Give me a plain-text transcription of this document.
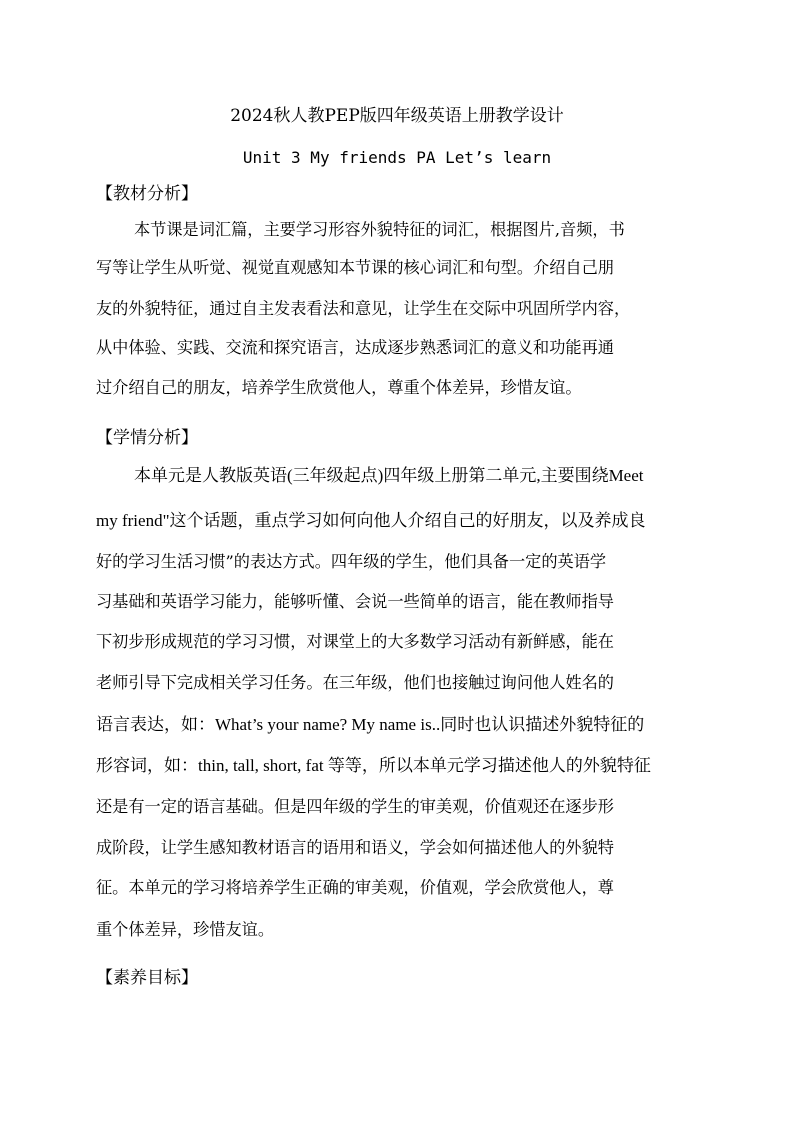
2024秋人教PEP版四年级英语上册教学设计
Unit 3 My friends PA Let’s learn
【教材分析】
本节课是词汇篇，主要学习形容外貌特征的词汇，根据图片,音频，书
写等让学生从听觉、视觉直观感知本节课的核心词汇和句型。介绍自己朋
友的外貌特征，通过自主发表看法和意见，让学生在交际中巩固所学内容，
从中体验、实践、交流和探究语言，达成逐步熟悉词汇的意义和功能再通
过介绍自己的朋友，培养学生欣赏他人，尊重个体差异，珍惜友谊。
【学情分析】
本单元是人教版英语(三年级起点)四年级上册第二单元,主要围绕Meet
my friend"这个话题，重点学习如何向他人介绍自己的好朋友，以及养成良
好的学习生活习惯”的表达方式。四年级的学生，他们具备一定的英语学
习基础和英语学习能力，能够听懂、会说一些简单的语言，能在教师指导
下初步形成规范的学习习惯，对课堂上的大多数学习活动有新鲜感，能在
老师引导下完成相关学习任务。在三年级，他们也接触过询问他人姓名的
语言表达，如：What’s your name? My name is..同时也认识描述外貌特征的
形容词，如：thin, tall, short, fat 等等，所以本单元学习描述他人的外貌特征
还是有一定的语言基础。但是四年级的学生的审美观，价值观还在逐步形
成阶段，让学生感知教材语言的语用和语义，学会如何描述他人的外貌特
征。本单元的学习将培养学生正确的审美观，价值观，学会欣赏他人，尊
重个体差异，珍惜友谊。
【素养目标】
